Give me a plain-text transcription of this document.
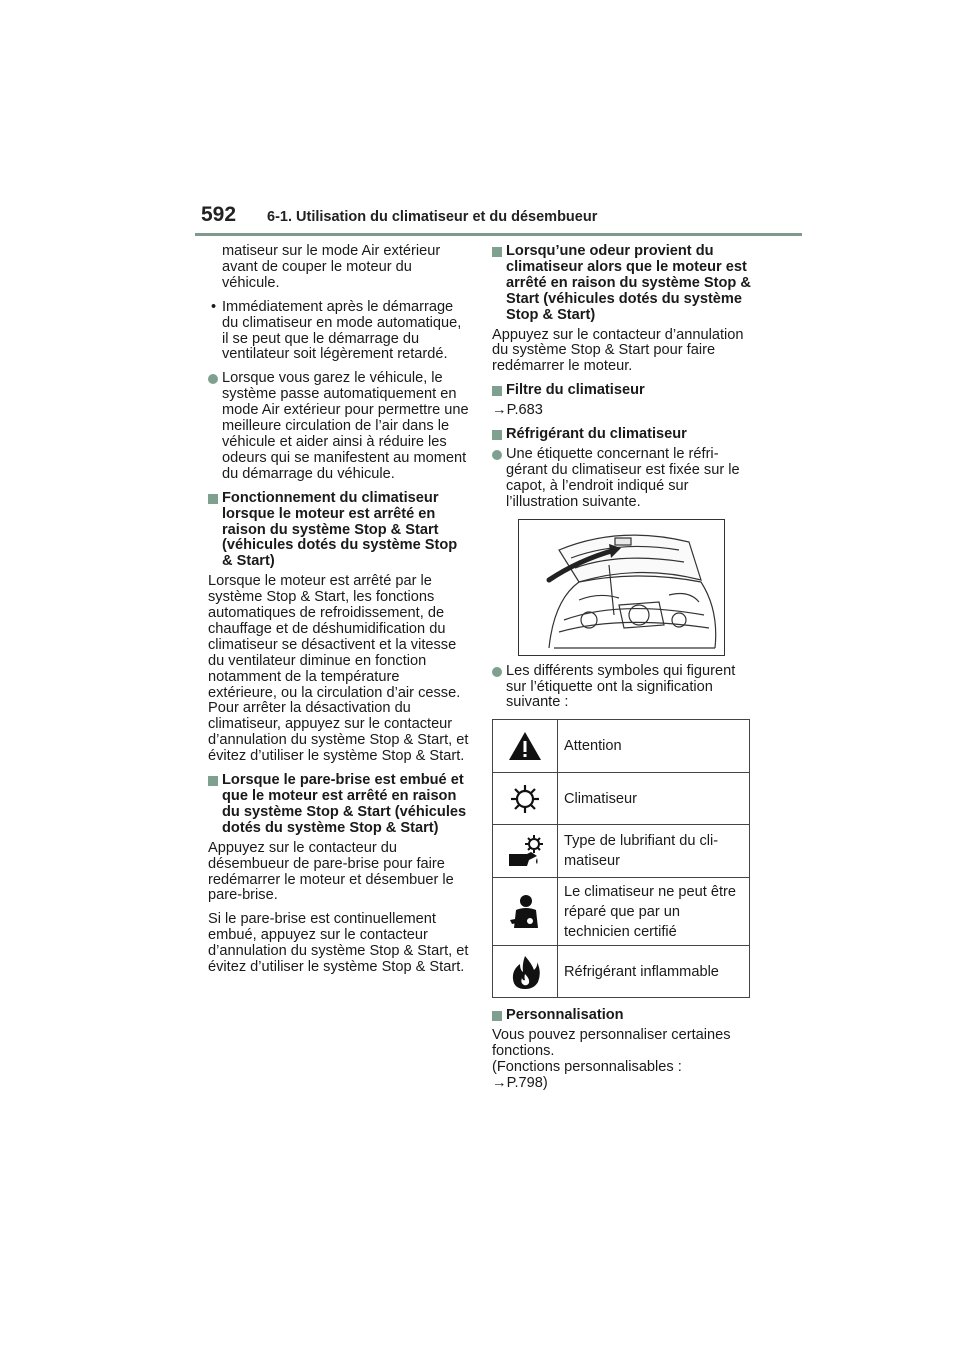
592 6-1. Utilisation du climatiseur et du désembueur

matiseur sur le mode Air extérieur avant de couper le moteur du véhicule.

• Immédiatement après le démarrage du climatiseur en mode automatique, il se peut que le démarrage du ventilateur soit légèrement retardé.
Lorsque vous garez le véhicule, le système passe automatiquement en mode Air extérieur pour permettre une meilleure circulation de l’air dans le véhicule et aider ainsi à réduire les odeurs qui se manifestent au moment du démarrage du véhicule.
Fonctionnement du climatiseur lorsque le moteur est arrêté en raison du système Stop & Start (véhicules dotés du système Stop & Start)

Lorsque le moteur est arrêté par le système Stop & Start, les fonctions automatiques de refroidissement, de chauffage et de déshumidification du climatiseur se désactivent et la vitesse du ventilateur diminue en fonction notamment de la température extérieure, ou la circulation d’air cesse. Pour arrêter la désactivation du climatiseur, appuyez sur le contacteur d’annulation du système Stop & Start, et évitez d’utiliser le système Stop & Start.

Lorsque le pare-brise est embué et que le moteur est arrêté en raison du système Stop & Start (véhicules dotés du système Stop & Start)

Appuyez sur le contacteur du désembueur de pare-brise pour faire redémarrer le moteur et désembuer le pare-brise.

Si le pare-brise est continuellement embué, appuyez sur le contacteur d’annulation du système Stop & Start, et évitez d’utiliser le système Stop & Start.

Lorsqu’une odeur provient du climatiseur alors que le moteur est arrêté en raison du système Stop & Start (véhicules dotés du système Stop & Start)

Appuyez sur le contacteur d’annulation du système Stop & Start pour faire redémarrer le moteur.

Filtre du climatiseur

→P.683

Réfrigérant du climatiseur
Une étiquette concernant le réfrigérant du climatiseur est fixée sur le capot, à l’endroit indiqué sur l’illustration suivante.
Les différents symboles qui figurent sur l’étiquette ont la signification suivante :
	Attention
	Climatiseur
	Type de lubrifiant du climatiseur
	Le climatiseur ne peut être réparé que par un technicien certifié
	Réfrigérant inflammable
Personnalisation

Vous pouvez personnaliser certaines fonctions.

(Fonctions personnalisables :

→P.798)
